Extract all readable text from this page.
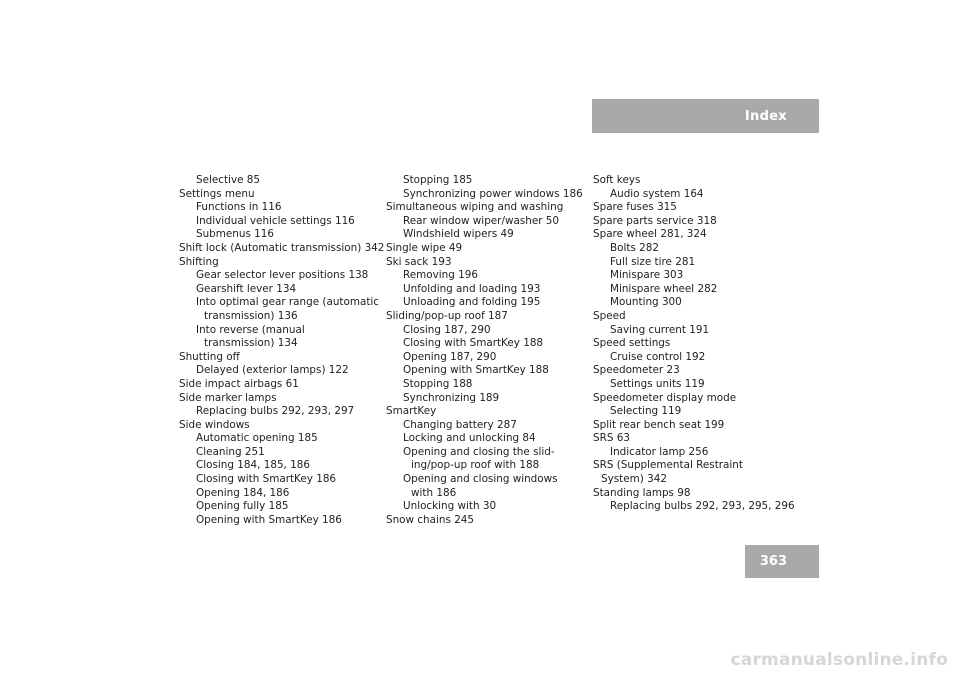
Index
Selective 85
Settings menu
Functions in 116
Individual vehicle settings 116
Submenus 116
Shift lock (Automatic transmission) 342
Shifting
Gear selector lever positions 138
Gearshift lever 134
Into optimal gear range (automatic
transmission) 136
Into reverse (manual
transmission) 134
Shutting off
Delayed (exterior lamps) 122
Side impact airbags 61
Side marker lamps
Replacing bulbs 292, 293, 297
Side windows
Automatic opening 185
Cleaning 251
Closing 184, 185, 186
Closing with SmartKey 186
Opening 184, 186
Opening fully 185
Opening with SmartKey 186
Stopping 185
Synchronizing power windows 186
Simultaneous wiping and washing
Rear window wiper/washer 50
Windshield wipers 49
Single wipe 49
Ski sack 193
Removing 196
Unfolding and loading 193
Unloading and folding 195
Sliding/pop-up roof 187
Closing 187, 290
Closing with SmartKey 188
Opening 187, 290
Opening with SmartKey 188
Stopping 188
Synchronizing 189
SmartKey
Changing battery 287
Locking and unlocking 84
Opening and closing the slid-
ing/pop-up roof with 188
Opening and closing windows
with 186
Unlocking with 30
Snow chains 245
Soft keys
Audio system 164
Spare fuses 315
Spare parts service 318
Spare wheel 281, 324
Bolts 282
Full size tire 281
Minispare 303
Minispare wheel 282
Mounting 300
Speed
Saving current 191
Speed settings
Cruise control 192
Speedometer 23
Settings units 119
Speedometer display mode
Selecting 119
Split rear bench seat 199
SRS 63
Indicator lamp 256
SRS (Supplemental Restraint
System) 342
Standing lamps 98
Replacing bulbs 292, 293, 295, 296
363
carmanualsonline.info
